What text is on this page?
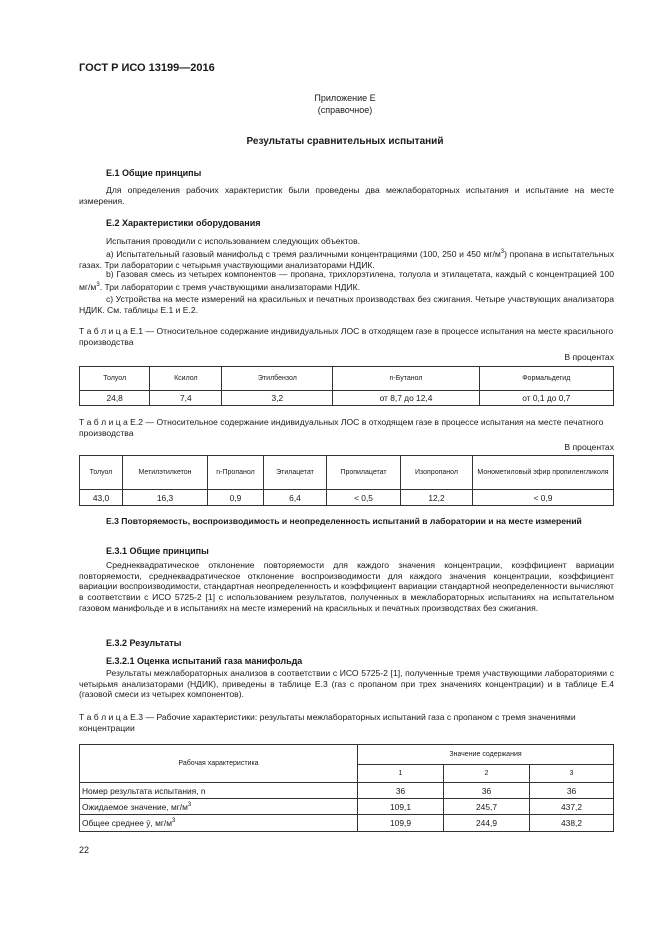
ГОСТ Р ИСО 13199—2016
Приложение Е
(справочное)
Результаты сравнительных испытаний
Е.1 Общие принципы
Для определения рабочих характеристик были проведены два межлабораторных испытания и испытание на месте измерения.
Е.2 Характеристики оборудования
Испытания проводили с использованием следующих объектов.
а) Испытательный газовый манифольд с тремя различными концентрациями (100, 250 и 450 $мг/м^3$) пропана в испытательных газах. Три лаборатории с четырьмя участвующими анализаторами НДИК.
b) Газовая смесь из четырех компонентов — пропана, трихлорэтилена, толуола и этилацетата, каждый с концентрацией 100 $мг/м^3$. Три лаборатории с тремя участвующими анализаторами НДИК.
с) Устройства на месте измерений на красильных и печатных производствах без сжигания. Четыре участвующих анализатора НДИК. См. таблицы Е.1 и Е.2.
Т а б л и ц а Е.1 — Относительное содержание индивидуальных ЛОС в отходящем газе в процессе испытания на месте красильного производства
В процентах
Толуол	Ксилол	Этилбензол	n-Бутанол	Формальдегид
24,8	7,4	3,2	от 8,7 до 12,4	от 0,1 до 0,7
Т а б л и ц а Е.2 — Относительное содержание индивидуальных ЛОС в отходящем газе в процессе испытания на месте печатного производства
В процентах
Толуол	Метилэтилкетон	n-Пропанол	Этилацетат	Пропилацетат	Изопропанол	Монометиловый эфир пропиленгликоля
43,0	16,3	0,9	6,4	< 0,5	12,2	< 0,9
Е.3 Повторяемость, воспроизводимость и неопределенность испытаний в лаборатории и на месте измерений
Е.3.1 Общие принципы
Среднеквадратическое отклонение повторяемости для каждого значения концентрации, коэффициент вариации повторяемости, среднеквадратическое отклонение воспроизводимости для каждого значения концентрации, коэффициент вариации воспроизводимости, стандартная неопределенность и коэффициент вариации стандартной неопределенности вычисляют в соответствии с ИСО 5725-2 [1] с использованием результатов, полученных в межлабораторных испытаниях на испытательном газовом манифольде и в испытаниях на месте измерений на красильных и печатных производствах без сжигания.
Е.3.2 Результаты
Е.3.2.1 Оценка испытаний газа манифольда
Результаты межлабораторных анализов в соответствии с ИСО 5725-2 [1], полученные тремя участвующими лабораториями с четырьмя анализаторами (НДИК), приведены в таблице Е.3 (газ с пропаном при трех значениях концентрации) и в таблице Е.4 (газовой смеси из четырех компонентов).
Т а б л и ц а Е.3 — Рабочие характеристики: результаты межлабораторных испытаний газа с пропаном с тремя значениями концентрации
Рабочая характеристика	Значение содержания		
	1	2	3
Номер результата испытания, n	36	36	36
Ожидаемое значение, $мг/м^3$	109,1	245,7	437,2
Общее среднее ȳ, $мг/м^3$	109,9	244,9	438,2
22
